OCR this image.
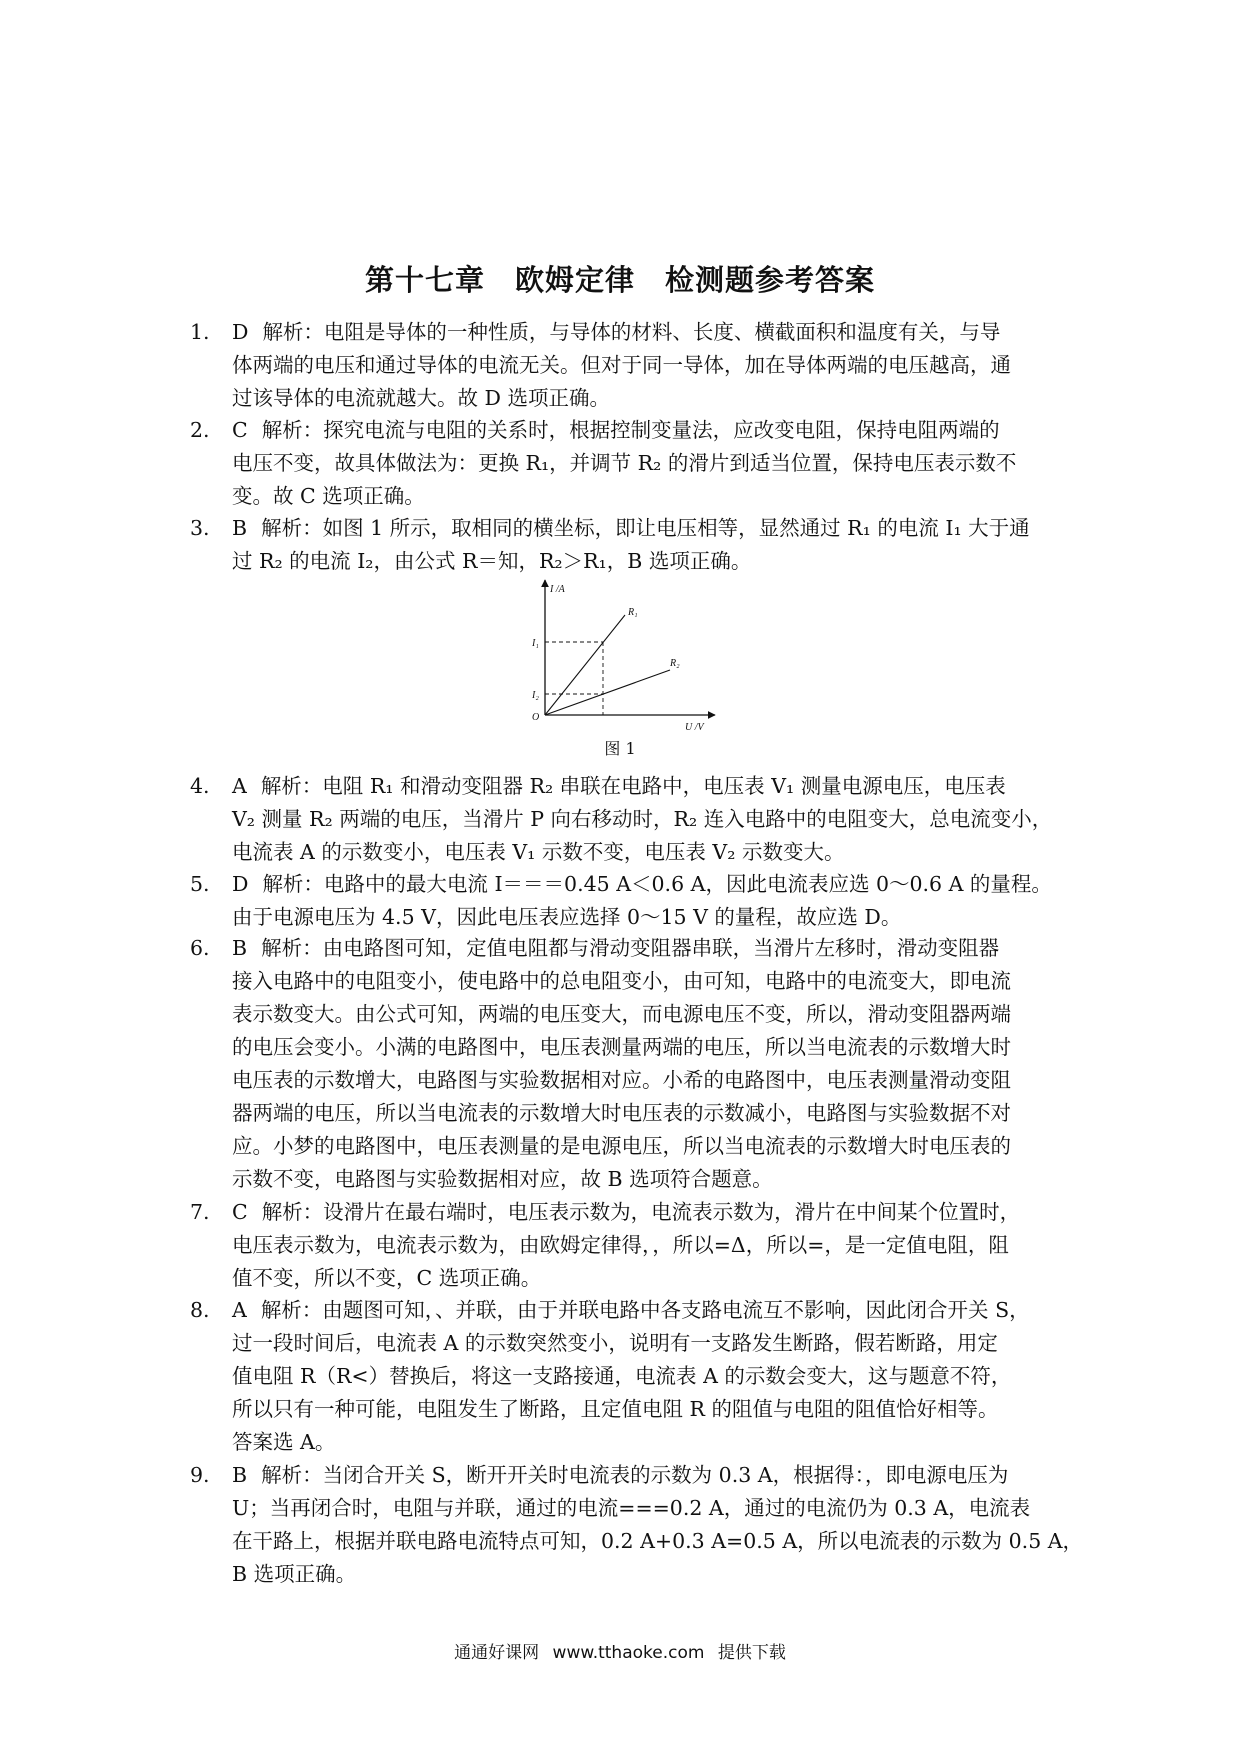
第十七章　欧姆定律　检测题参考答案
1. D 解析：电阻是导体的一种性质，与导体的材料、长度、横截面积和温度有关，与导
体两端的电压和通过导体的电流无关。但对于同一导体，加在导体两端的电压越高，通
过该导体的电流就越大。故 D 选项正确。
2. C 解析：探究电流与电阻的关系时，根据控制变量法，应改变电阻，保持电阻两端的
电压不变，故具体做法为：更换 R₁，并调节 R₂ 的滑片到适当位置，保持电压表示数不
变。故 C 选项正确。
3. B 解析：如图 1 所示，取相同的横坐标，即让电压相等，显然通过 R₁ 的电流 I₁ 大于通
过 R₂ 的电流 I₂，由公式 R＝知，R₂＞R₁，B 选项正确。
I /A
U /V
O
R₁
R₂
I₁
I₂
图 1
4. A 解析：电阻 R₁ 和滑动变阻器 R₂ 串联在电路中，电压表 V₁ 测量电源电压，电压表
V₂ 测量 R₂ 两端的电压，当滑片 P 向右移动时，R₂ 连入电路中的电阻变大，总电流变小，
电流表 A 的示数变小，电压表 V₁ 示数不变，电压表 V₂ 示数变大。
5. D 解析：电路中的最大电流 I＝＝＝0.45 A＜0.6 A，因此电流表应选 0～0.6 A 的量程。
由于电源电压为 4.5 V，因此电压表应选择 0～15 V 的量程，故应选 D。
6. B 解析：由电路图可知，定值电阻都与滑动变阻器串联，当滑片左移时，滑动变阻器
接入电路中的电阻变小，使电路中的总电阻变小，由可知，电路中的电流变大，即电流
表示数变大。由公式可知，两端的电压变大，而电源电压不变，所以，滑动变阻器两端
的电压会变小。小满的电路图中，电压表测量两端的电压，所以当电流表的示数增大时
电压表的示数增大，电路图与实验数据相对应。小希的电路图中，电压表测量滑动变阻
器两端的电压，所以当电流表的示数增大时电压表的示数减小，电路图与实验数据不对
应。小梦的电路图中，电压表测量的是电源电压，所以当电流表的示数增大时电压表的
示数不变，电路图与实验数据相对应，故 B 选项符合题意。
7. C 解析：设滑片在最右端时，电压表示数为，电流表示数为，滑片在中间某个位置时，
电压表示数为，电流表示数为，由欧姆定律得，，所以=Δ，所以=，是一定值电阻，阻
值不变，所以不变，C 选项正确。
8. A 解析：由题图可知，、并联，由于并联电路中各支路电流互不影响，因此闭合开关 S，
过一段时间后，电流表 A 的示数突然变小，说明有一支路发生断路，假若断路，用定
值电阻 R（R<）替换后，将这一支路接通，电流表 A 的示数会变大，这与题意不符，
所以只有一种可能，电阻发生了断路，且定值电阻 R 的阻值与电阻的阻值恰好相等。
答案选 A。
9. B 解析：当闭合开关 S，断开开关时电流表的示数为 0.3 A，根据得：，即电源电压为
U；当再闭合时，电阻与并联，通过的电流===0.2 A，通过的电流仍为 0.3 A，电流表
在干路上，根据并联电路电流特点可知，0.2 A+0.3 A=0.5 A，所以电流表的示数为 0.5 A，
B 选项正确。
通通好课网 www.tthaoke.com 提供下载
